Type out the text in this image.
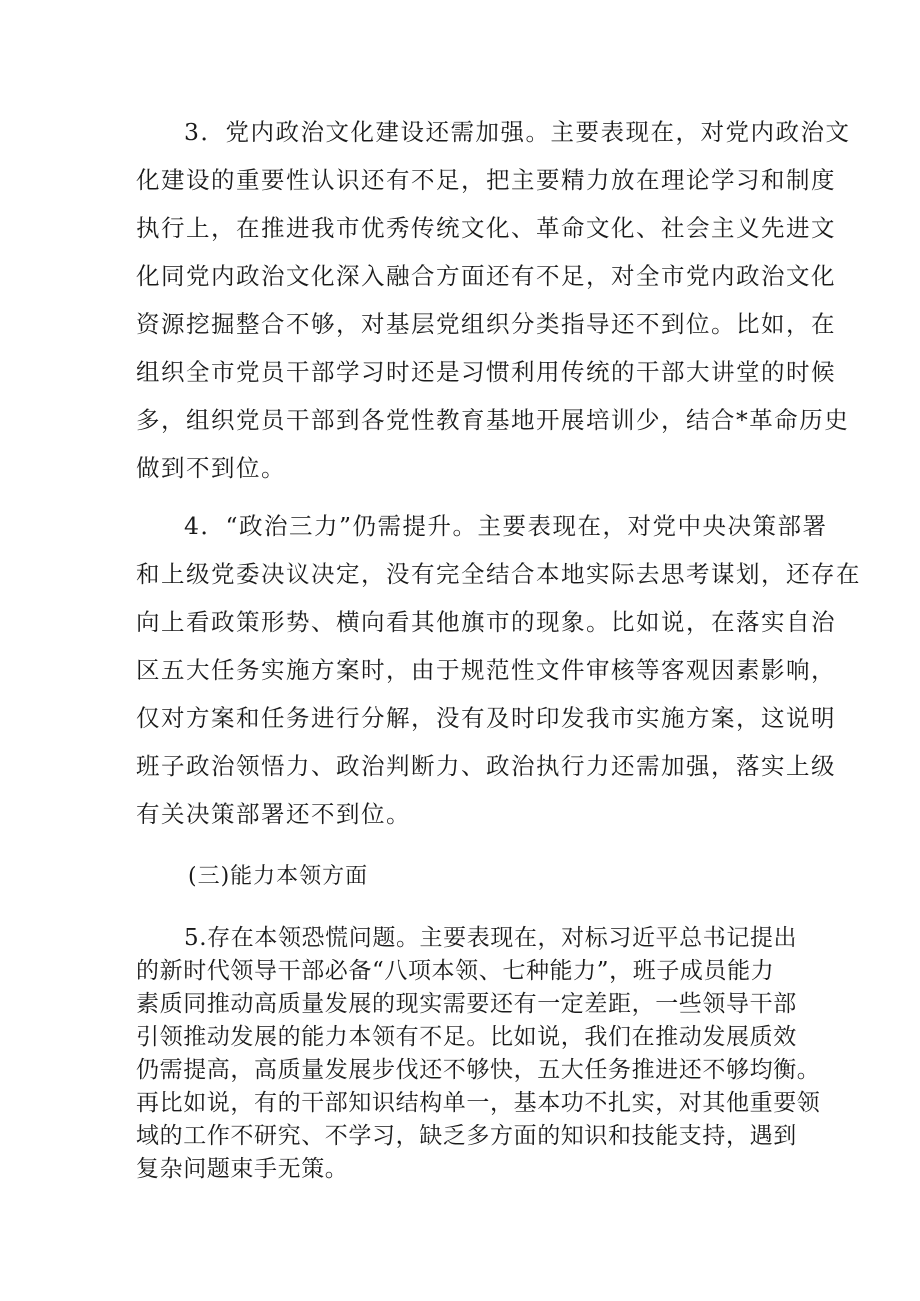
3．党内政治文化建设还需加强。主要表现在，对党内政治文
化建设的重要性认识还有不足，把主要精力放在理论学习和制度
执行上，在推进我市优秀传统文化、革命文化、社会主义先进文
化同党内政治文化深入融合方面还有不足，对全市党内政治文化
资源挖掘整合不够，对基层党组织分类指导还不到位。比如，在
组织全市党员干部学习时还是习惯利用传统的干部大讲堂的时候
多，组织党员干部到各党性教育基地开展培训少，结合*革命历史
做到不到位。
4．“政治三力”仍需提升。主要表现在，对党中央决策部署
和上级党委决议决定，没有完全结合本地实际去思考谋划，还存在
向上看政策形势、横向看其他旗市的现象。比如说，在落实自治
区五大任务实施方案时，由于规范性文件审核等客观因素影响，
仅对方案和任务进行分解，没有及时印发我市实施方案，这说明
班子政治领悟力、政治判断力、政治执行力还需加强，落实上级
有关决策部署还不到位。
(三)能力本领方面
5.存在本领恐慌问题。主要表现在，对标习近平总书记提出
的新时代领导干部必备“八项本领、七种能力”，班子成员能力
素质同推动高质量发展的现实需要还有一定差距，一些领导干部
引领推动发展的能力本领有不足。比如说，我们在推动发展质效
仍需提高，高质量发展步伐还不够快，五大任务推进还不够均衡。
再比如说，有的干部知识结构单一，基本功不扎实，对其他重要领
域的工作不研究、不学习，缺乏多方面的知识和技能支持，遇到
复杂问题束手无策。
